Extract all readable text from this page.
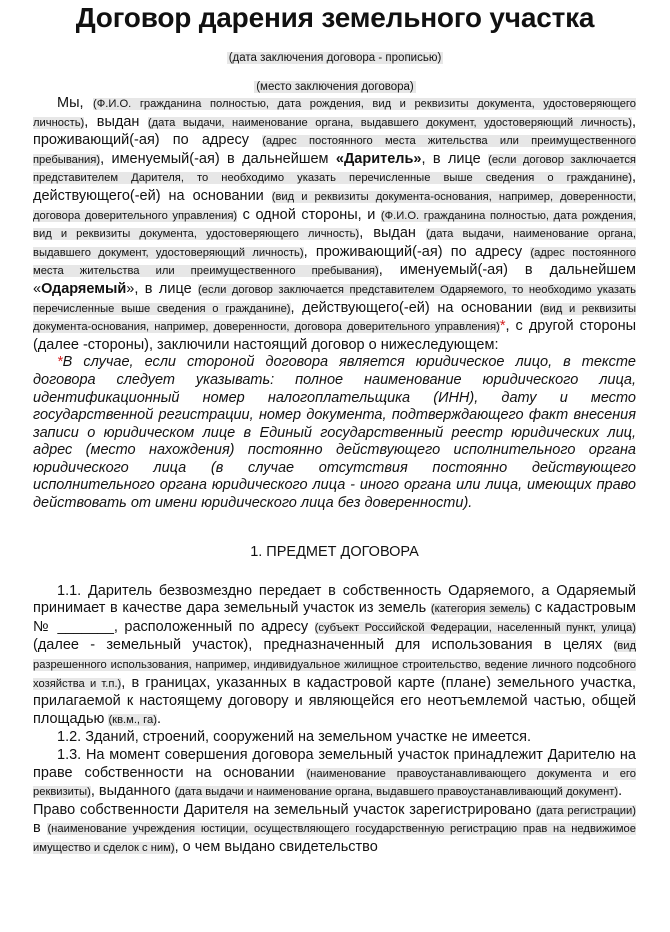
Договор дарения земельного участка
(дата заключения договора - прописью)
(место заключения договора)

Мы, (Ф.И.О. гражданина полностью, дата рождения, вид и реквизиты документа, удостоверяющего личность), выдан (дата выдачи, наименование органа, выдавшего документ, удостоверяющий личность), проживающий(-ая) по адресу (адрес постоянного места жительства или преимущественного пребывания), именуемый(-ая) в дальнейшем «Даритель», в лице (если договор заключается представителем Дарителя, то необходимо указать перечисленные выше сведения о гражданине), действующего(-ей) на основании (вид и реквизиты документа-основания, например, доверенности, договора доверительного управления) с одной стороны, и (Ф.И.О. гражданина полностью, дата рождения, вид и реквизиты документа, удостоверяющего личность), выдан (дата выдачи, наименование органа, выдавшего документ, удостоверяющий личность), проживающий(-ая) по адресу (адрес постоянного места жительства или преимущественного пребывания), именуемый(-ая) в дальнейшем «Одаряемый», в лице (если договор заключается представителем Одаряемого, то необходимо указать перечисленные выше сведения о гражданине), действующего(-ей) на основании (вид и реквизиты документа-основания, например, доверенности, договора доверительного управления)*, с другой стороны (далее -стороны), заключили настоящий договор о нижеследующем:

*В случае, если стороной договора является юридическое лицо, в тексте договора следует указывать: полное наименование юридического лица, идентификационный номер налогоплательщика (ИНН), дату и место государственной регистрации, номер документа, подтверждающего факт внесения записи о юридическом лице в Единый государственный реестр юридических лиц, адрес (место нахождения) постоянно действующего исполнительного органа юридического лица (в случае отсутствия постоянно действующего исполнительного органа юридического лица - иного органа или лица, имеющих право действовать от имени юридического лица без доверенности).

1. ПРЕДМЕТ ДОГОВОРА

1.1. Даритель безвозмездно передает в собственность Одаряемого, а Одаряемый принимает в качестве дара земельный участок из земель (категория земель) с кадастровым № _______, расположенный по адресу (субъект Российской Федерации, населенный пункт, улица) (далее - земельный участок), предназначенный для использования в целях (вид разрешенного использования, например, индивидуальное жилищное строительство, ведение личного подсобного хозяйства и т.п.), в границах, указанных в кадастровой карте (плане) земельного участка, прилагаемой к настоящему договору и являющейся его неотъемлемой частью, общей площадью (кв.м., га).

1.2. Зданий, строений, сооружений на земельном участке не имеется.

1.3. На момент совершения договора земельный участок принадлежит Дарителю на праве собственности на основании (наименование правоустанавливающего документа и его реквизиты), выданного (дата выдачи и наименование органа, выдавшего правоустанавливающий документ).

Право собственности Дарителя на земельный участок зарегистрировано (дата регистрации) в (наименование учреждения юстиции, осуществляющего государственную регистрацию прав на недвижимое имущество и сделок с ним), о чем выдано свидетельство
